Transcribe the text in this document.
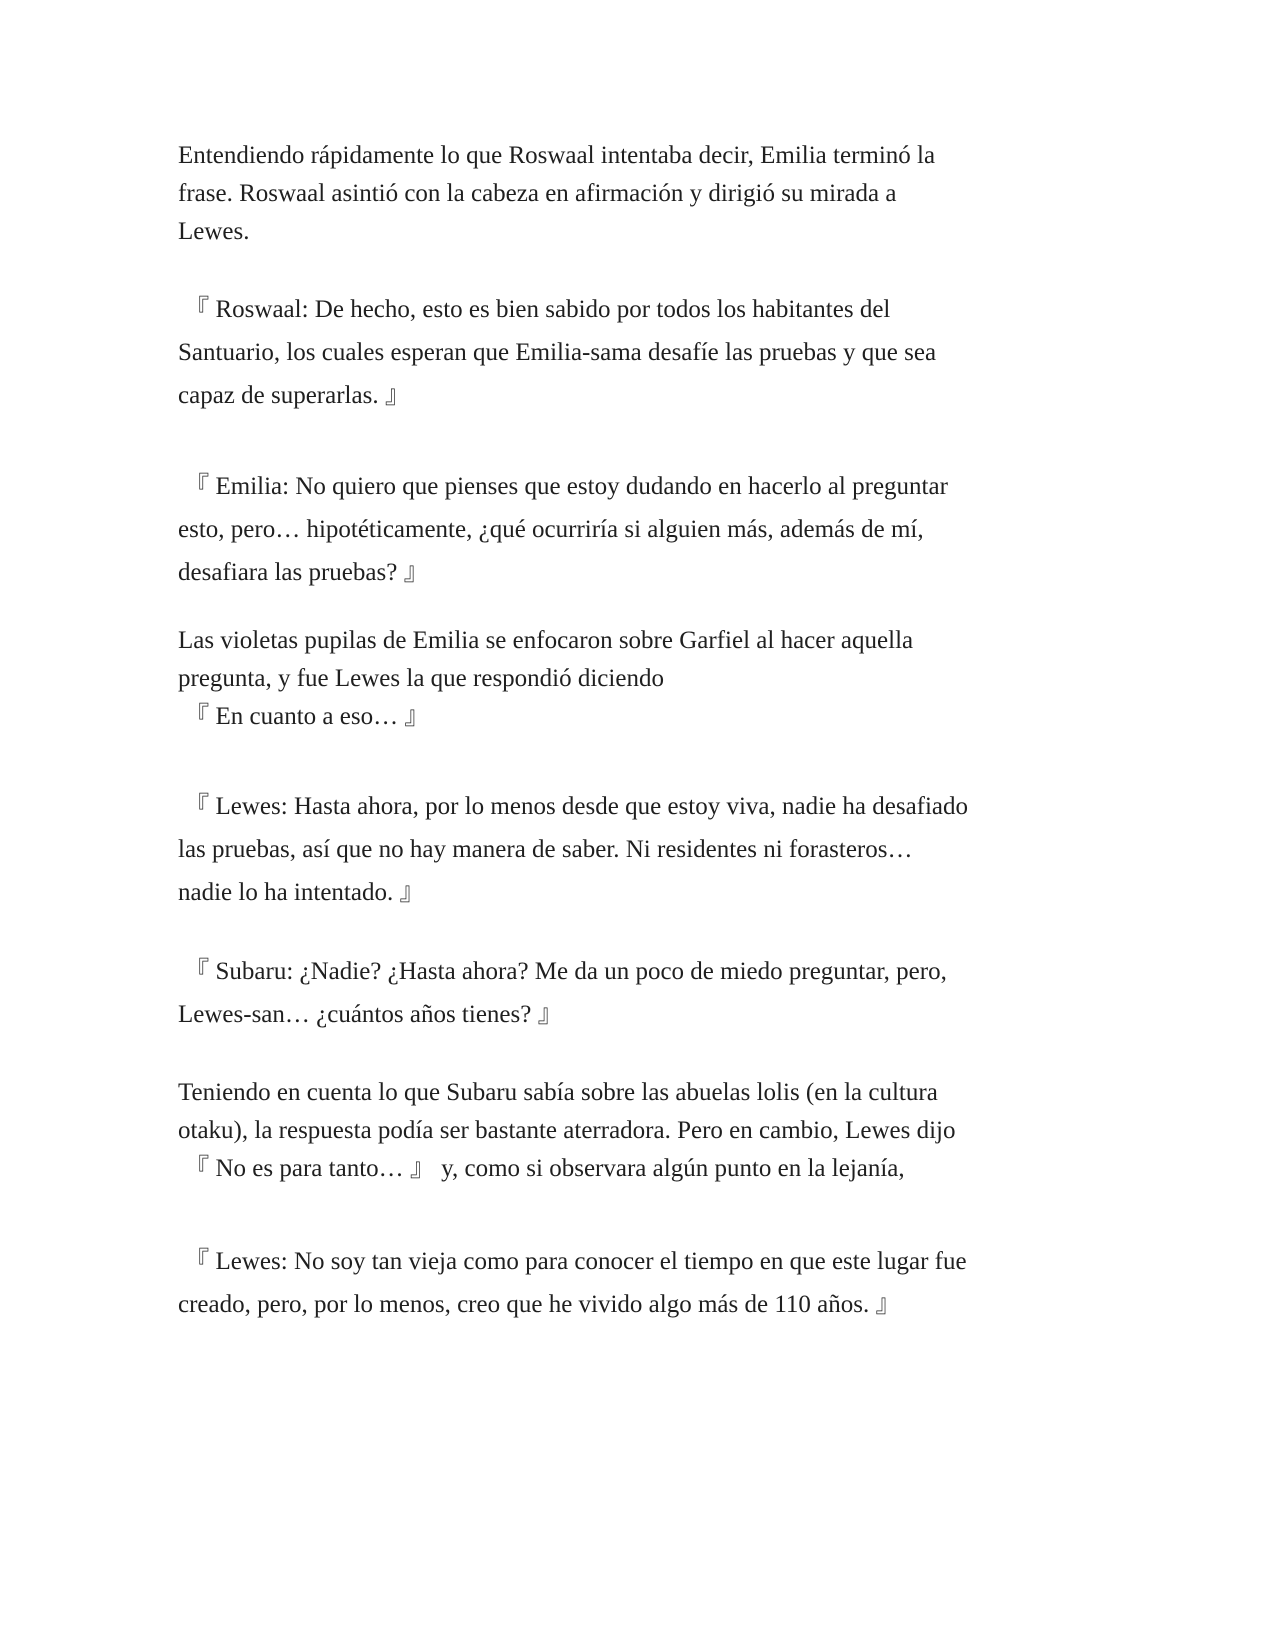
Entendiendo rápidamente lo que Roswaal intentaba decir, Emilia terminó la
frase. Roswaal asintió con la cabeza en afirmación y dirigió su mirada a
Lewes.

『 Roswaal: De hecho, esto es bien sabido por todos los habitantes del
Santuario, los cuales esperan que Emilia-sama desafíe las pruebas y que sea
capaz de superarlas. 』

『 Emilia: No quiero que pienses que estoy dudando en hacerlo al preguntar
esto, pero… hipotéticamente, ¿qué ocurriría si alguien más, además de mí,
desafiara las pruebas? 』

Las violetas pupilas de Emilia se enfocaron sobre Garfiel al hacer aquella
pregunta, y fue Lewes la que respondió diciendo
『 En cuanto a eso… 』

『 Lewes: Hasta ahora, por lo menos desde que estoy viva, nadie ha desafiado
las pruebas, así que no hay manera de saber. Ni residentes ni forasteros…
nadie lo ha intentado. 』

『 Subaru: ¿Nadie? ¿Hasta ahora? Me da un poco de miedo preguntar, pero,
Lewes-san… ¿cuántos años tienes? 』

Teniendo en cuenta lo que Subaru sabía sobre las abuelas lolis (en la cultura
otaku), la respuesta podía ser bastante aterradora. Pero en cambio, Lewes dijo
『 No es para tanto… 』 y, como si observara algún punto en la lejanía,

『 Lewes: No soy tan vieja como para conocer el tiempo en que este lugar fue
creado, pero, por lo menos, creo que he vivido algo más de 110 años. 』
